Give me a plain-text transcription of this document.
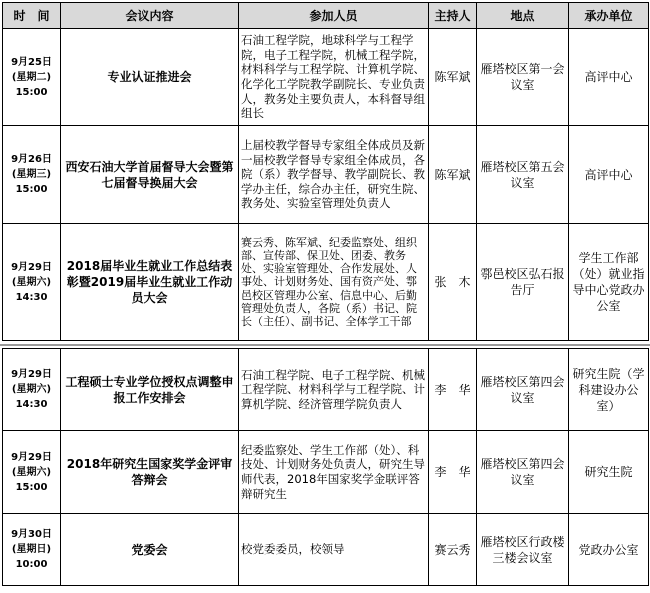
时　间	会议内容	参加人员	主持人	地点	承办单位

9月25日
(星期二)
15:00	专业认证推进会	石油工程学院，地球科学与工程学院，电子工程学院，机械工程学院，材料科学与工程学院、计算机学院、化学化工学院教学副院长、专业负责人，教务处主要负责人，本科督导组组长	陈军斌	雁塔校区第一会议室	高评中心

9月26日
(星期三)
15:00	西安石油大学首届督导大会暨第七届督导换届大会	上届校教学督导专家组全体成员及新一届校教学督导专家组全体成员，各院（系）教学督导、教学副院长、教学办主任，综合办主任，研究生院、教务处、实验室管理处负责人	陈军斌	雁塔校区第五会议室	高评中心

9月29日
(星期六)
14:30	2018届毕业生就业工作总结表彰暨2019届毕业生就业工作动员大会	赛云秀、陈军斌、纪委监察处、组织部、宣传部、保卫处、团委、教务处、实验室管理处、合作发展处、人事处、计划财务处、国有资产处、鄠邑校区管理办公室、信息中心、后勤管理处负责人，各院（系）书记、院长（主任）、副书记、全体学工干部	张　木	鄠邑校区弘石报告厅	学生工作部（处）就业指导中心党政办公室
9月29日
(星期六)
14:30	工程硕士专业学位授权点调整申报工作安排会	石油工程学院、电子工程学院、机械工程学院、材料科学与工程学院、计算机学院、经济管理学院负责人	李　华	雁塔校区第四会议室	研究生院（学科建设办公室）

9月29日
(星期六)
15:00	2018年研究生国家奖学金评审答辩会	纪委监察处、学生工作部（处）、科技处、计划财务处负责人，研究生导师代表，2018年国家奖学金联评答辩研究生	李　华	雁塔校区第四会议室	研究生院

9月30日
(星期日)
10:00	党委会	校党委委员，校领导	赛云秀	雁塔校区行政楼三楼会议室	党政办公室
